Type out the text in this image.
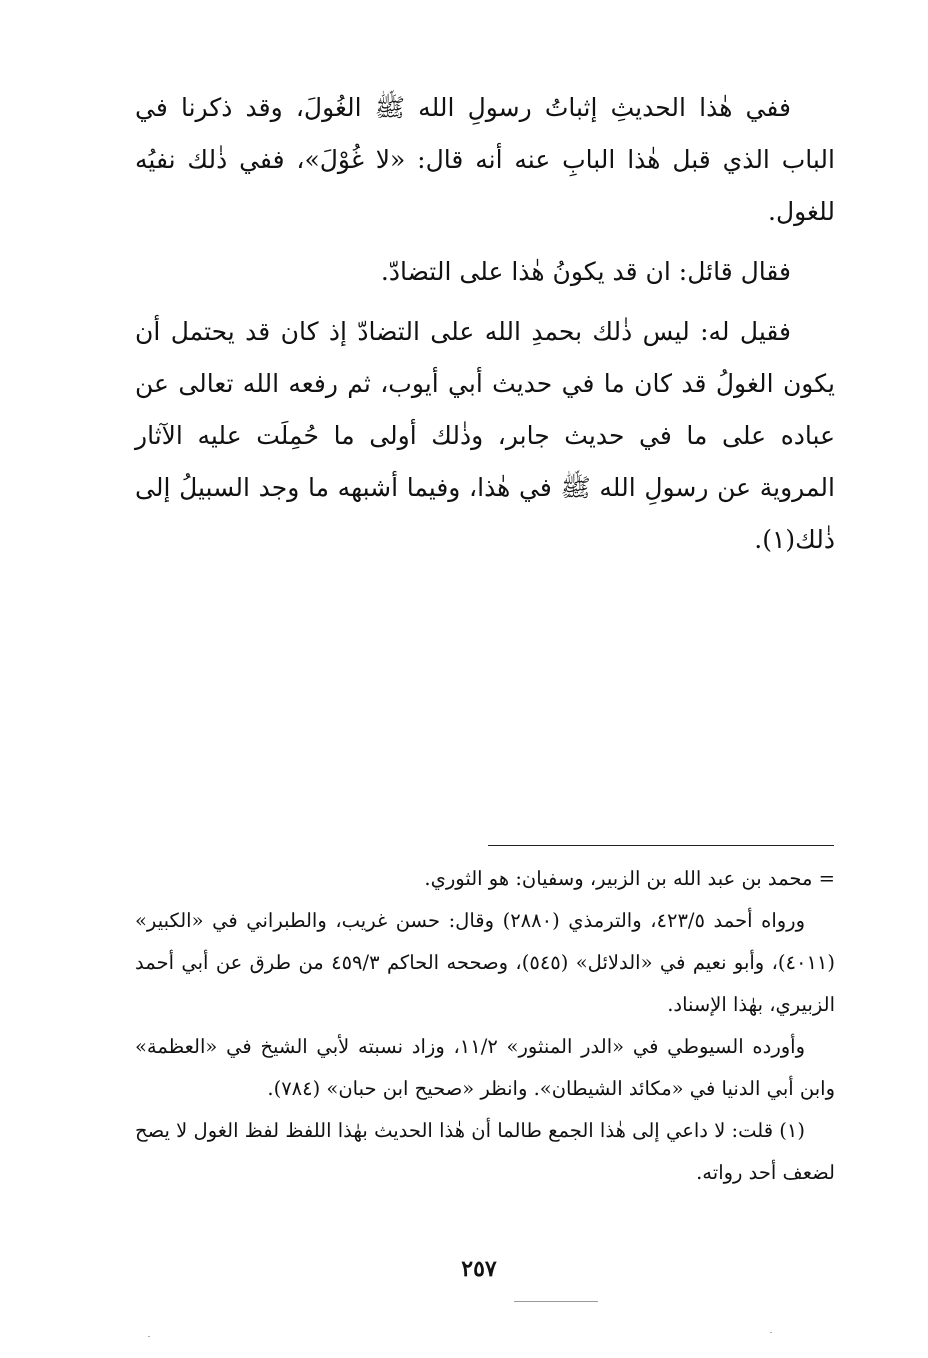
ففي هٰذا الحديثِ إثباتُ رسولِ الله ﷺ الغُولَ، وقد ذكرنا في الباب الذي قبل هٰذا البابِ عنه أنه قال: «لا غُوْلَ»، ففي ذٰلك نفيُه للغول.

فقال قائل: ان قد يكونُ هٰذا على التضادّ.

فقيل له: ليس ذٰلك بحمدِ الله على التضادّ إذ كان قد يحتمل أن يكون الغولُ قد كان ما في حديث أبي أيوب، ثم رفعه الله تعالى عن عباده على ما في حديث جابر، وذٰلك أولى ما حُمِلَت عليه الآثار المروية عن رسولِ الله ﷺ في هٰذا، وفيما أشبهه ما وجد السبيلُ إلى ذٰلك(١).

= محمد بن عبد الله بن الزبير، وسفيان: هو الثوري.

ورواه أحمد ٤٢٣/٥، والترمذي (٢٨٨٠) وقال: حسن غريب، والطبراني في «الكبير» (٤٠١١)، وأبو نعيم في «الدلائل» (٥٤٥)، وصححه الحاكم ٤٥٩/٣ من طرق عن أبي أحمد الزبيري، بهٰذا الإسناد.

وأورده السيوطي في «الدر المنثور» ١١/٢، وزاد نسبته لأبي الشيخ في «العظمة» وابن أبي الدنيا في «مكائد الشيطان». وانظر «صحيح ابن حبان» (٧٨٤).

(١) قلت: لا داعي إلى هٰذا الجمع طالما أن هٰذا الحديث بهٰذا اللفظ لفظ الغول لا يصح لضعف أحد رواته.

٢٥٧
